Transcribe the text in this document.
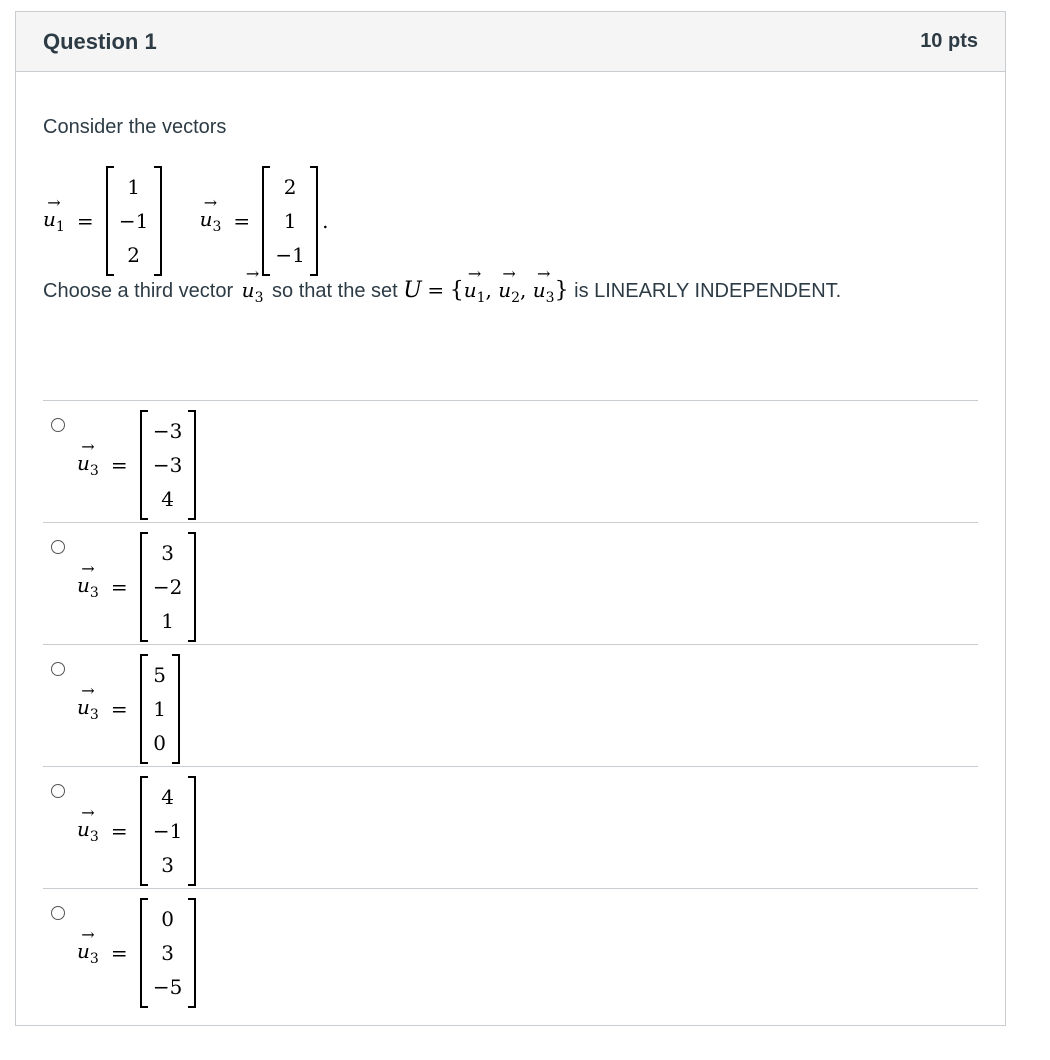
Question 1	10 pts
Consider the vectors
→
$u_1$ =
1
−1
2
→
$u_3$ =
2
1
−1
.
Choose a third vector
→
$u_3$ so that the set U = {
→
$u_1$,
→
$u_2$,
→
$u_3$} is LINEARLY INDEPENDENT.
→
$u_3$ =
−3
−3
4
→
$u_3$ =
3
−2
1
→
$u_3$ =
5
1
0
→
$u_3$ =
4
−1
3
→
$u_3$ =
0
3
−5
